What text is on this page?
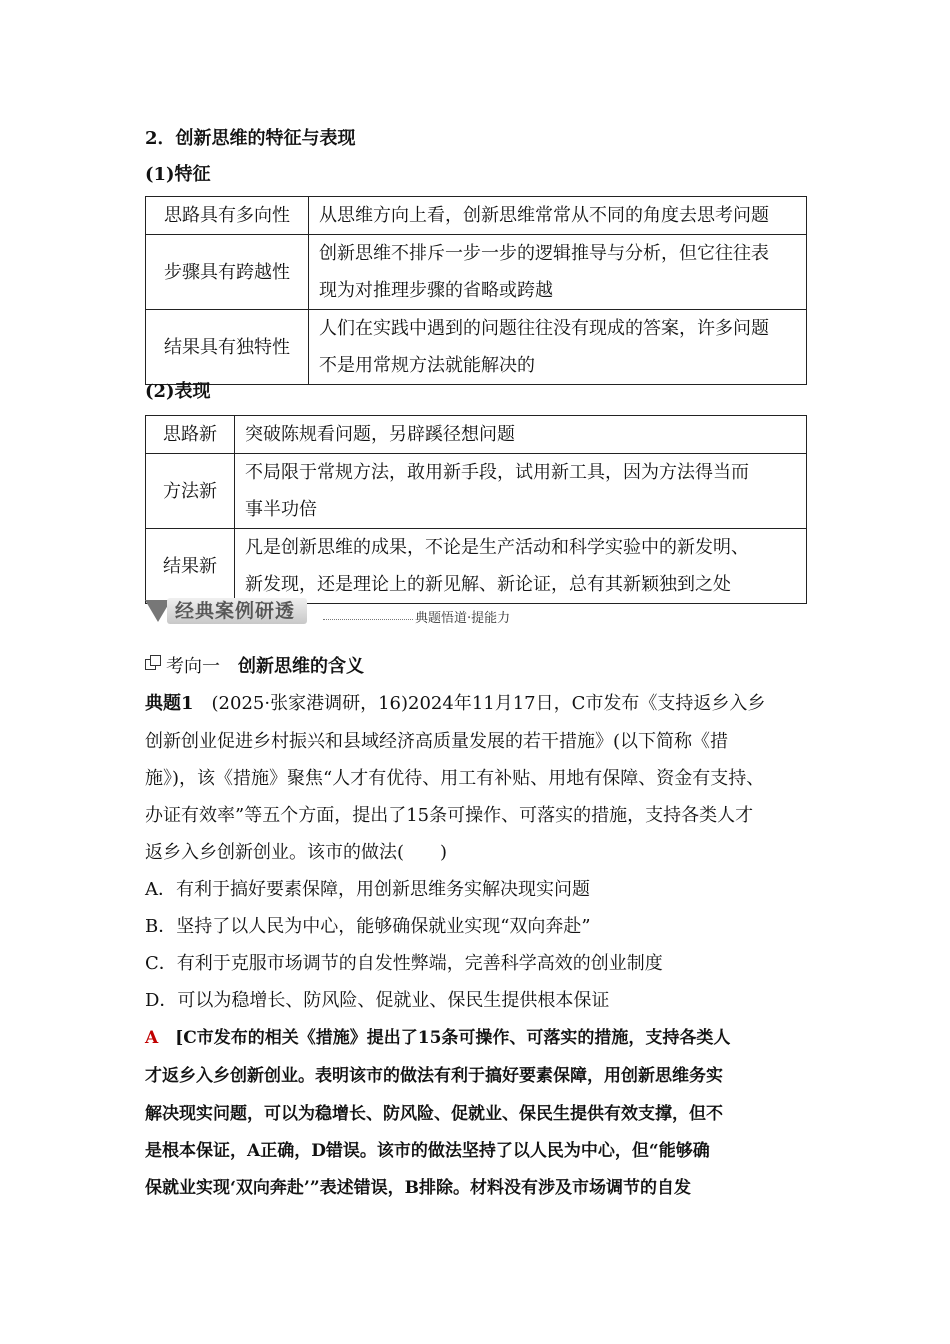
2．创新思维的特征与表现
(1)特征
思路具有多向性	从思维方向上看，创新思维常常从不同的角度去思考问题
步骤具有跨越性	创新思维不排斥一步一步的逻辑推导与分析，但它往往表
现为对推理步骤的省略或跨越
结果具有独特性	人们在实践中遇到的问题往往没有现成的答案，许多问题
不是用常规方法就能解决的
(2)表现
思路新	突破陈规看问题，另辟蹊径想问题
方法新	不局限于常规方法，敢用新手段，试用新工具，因为方法得当而
事半功倍
结果新	凡是创新思维的成果，不论是生产活动和科学实验中的新发明、
新发现，还是理论上的新见解、新论证，总有其新颖独到之处
经典案例研透	典题悟道·提能力
考向一　 创新思维的含义
典题1　 (2025·张家港调研，16)2024年11月17日，C市发布《支持返乡入乡
创新创业促进乡村振兴和县域经济高质量发展的若干措施》(以下简称《措
施》)，该《措施》聚焦“人才有优待、用工有补贴、用地有保障、资金有支持、
办证有效率”等五个方面，提出了15条可操作、可落实的措施，支持各类人才
返乡入乡创新创业。该市的做法(　　)
A．有利于搞好要素保障，用创新思维务实解决现实问题
B．坚持了以人民为中心，能够确保就业实现“双向奔赴”
C．有利于克服市场调节的自发性弊端，完善科学高效的创业制度
D．可以为稳增长、防风险、促就业、保民生提供根本保证
A　 [C市发布的相关《措施》提出了15条可操作、可落实的措施，支持各类人
才返乡入乡创新创业。表明该市的做法有利于搞好要素保障，用创新思维务实
解决现实问题，可以为稳增长、防风险、促就业、保民生提供有效支撑，但不
是根本保证，A正确，D错误。该市的做法坚持了以人民为中心，但“能够确
保就业实现‘双向奔赴’”表述错误，B排除。材料没有涉及市场调节的自发
